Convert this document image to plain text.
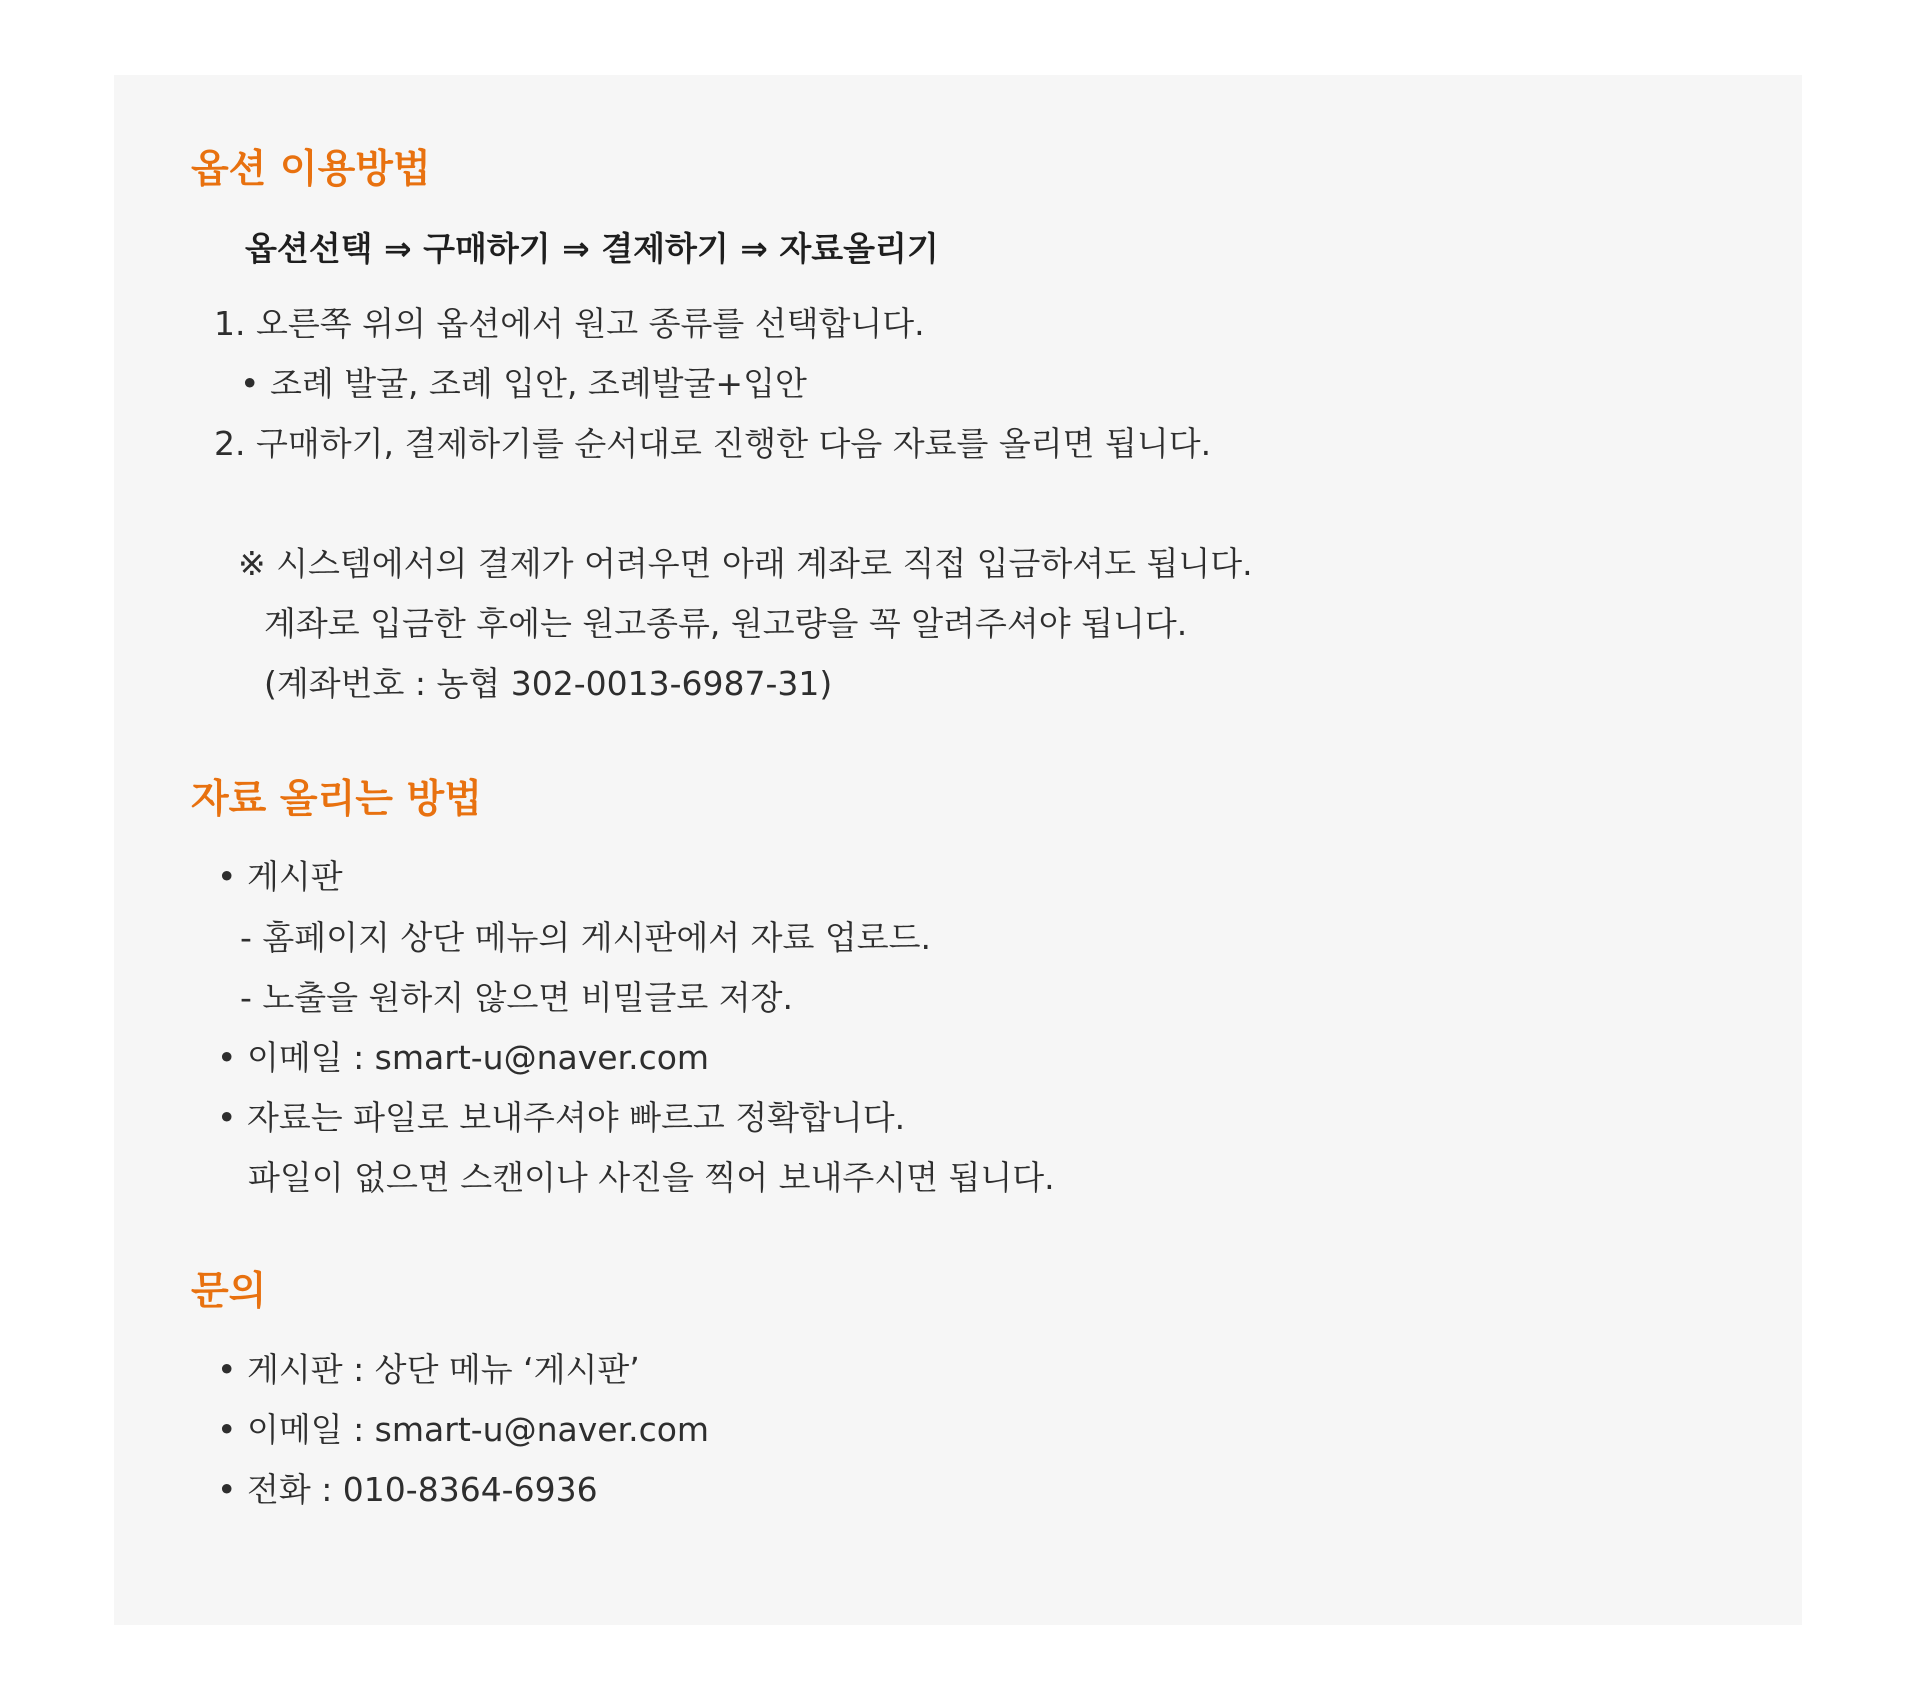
옵션 이용방법
옵션선택 ⇒ 구매하기 ⇒ 결제하기 ⇒ 자료올리기
1. 오른쪽 위의 옵션에서 원고 종류를 선택합니다.
• 조례 발굴, 조례 입안, 조례발굴+입안
2. 구매하기, 결제하기를 순서대로 진행한 다음 자료를 올리면 됩니다.
※ 시스템에서의 결제가 어려우면 아래 계좌로 직접 입금하셔도 됩니다.
계좌로 입금한 후에는 원고종류, 원고량을 꼭 알려주셔야 됩니다.
(계좌번호 : 농협 302-0013-6987-31)
자료 올리는 방법
• 게시판
- 홈페이지 상단 메뉴의 게시판에서 자료 업로드.
- 노출을 원하지 않으면 비밀글로 저장.
• 이메일 : smart-u@naver.com
• 자료는 파일로 보내주셔야 빠르고 정확합니다.
파일이 없으면 스캔이나 사진을 찍어 보내주시면 됩니다.
문의
• 게시판 : 상단 메뉴 ‘게시판’
• 이메일 : smart-u@naver.com
• 전화 : 010-8364-6936
